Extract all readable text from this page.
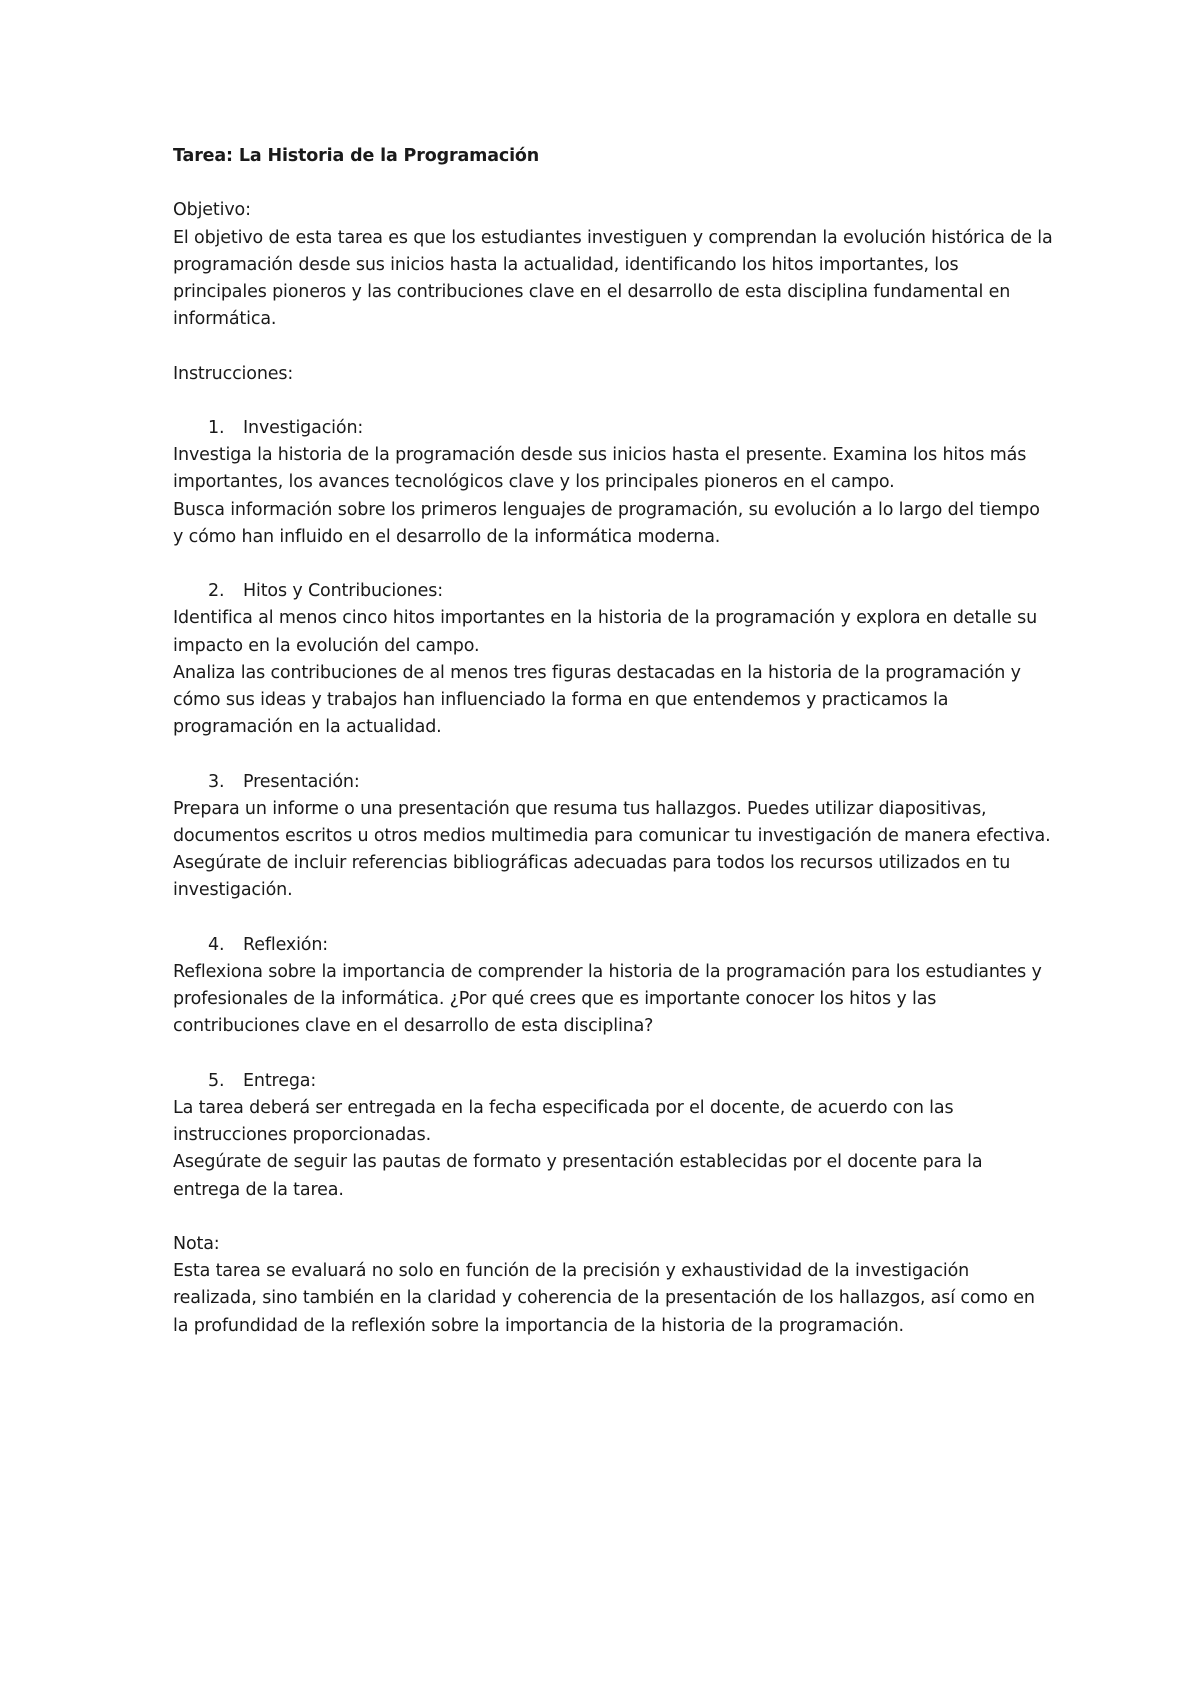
Tarea: La Historia de la Programación

Objetivo:

El objetivo de esta tarea es que los estudiantes investiguen y comprendan la evolución histórica de la programación desde sus inicios hasta la actualidad, identificando los hitos importantes, los principales pioneros y las contribuciones clave en el desarrollo de esta disciplina fundamental en informática.

Instrucciones:

1.	Investigación:

Investiga la historia de la programación desde sus inicios hasta el presente. Examina los hitos más importantes, los avances tecnológicos clave y los principales pioneros en el campo.

Busca información sobre los primeros lenguajes de programación, su evolución a lo largo del tiempo y cómo han influido en el desarrollo de la informática moderna.

2.	Hitos y Contribuciones:

Identifica al menos cinco hitos importantes en la historia de la programación y explora en detalle su impacto en la evolución del campo.

Analiza las contribuciones de al menos tres figuras destacadas en la historia de la programación y cómo sus ideas y trabajos han influenciado la forma en que entendemos y practicamos la programación en la actualidad.

3.	Presentación:

Prepara un informe o una presentación que resuma tus hallazgos. Puedes utilizar diapositivas, documentos escritos u otros medios multimedia para comunicar tu investigación de manera efectiva.

Asegúrate de incluir referencias bibliográficas adecuadas para todos los recursos utilizados en tu investigación.

4.	Reflexión:

Reflexiona sobre la importancia de comprender la historia de la programación para los estudiantes y profesionales de la informática. ¿Por qué crees que es importante conocer los hitos y las contribuciones clave en el desarrollo de esta disciplina?

5.	Entrega:

La tarea deberá ser entregada en la fecha especificada por el docente, de acuerdo con las instrucciones proporcionadas.

Asegúrate de seguir las pautas de formato y presentación establecidas por el docente para la entrega de la tarea.

Nota:

Esta tarea se evaluará no solo en función de la precisión y exhaustividad de la investigación realizada, sino también en la claridad y coherencia de la presentación de los hallazgos, así como en la profundidad de la reflexión sobre la importancia de la historia de la programación.
